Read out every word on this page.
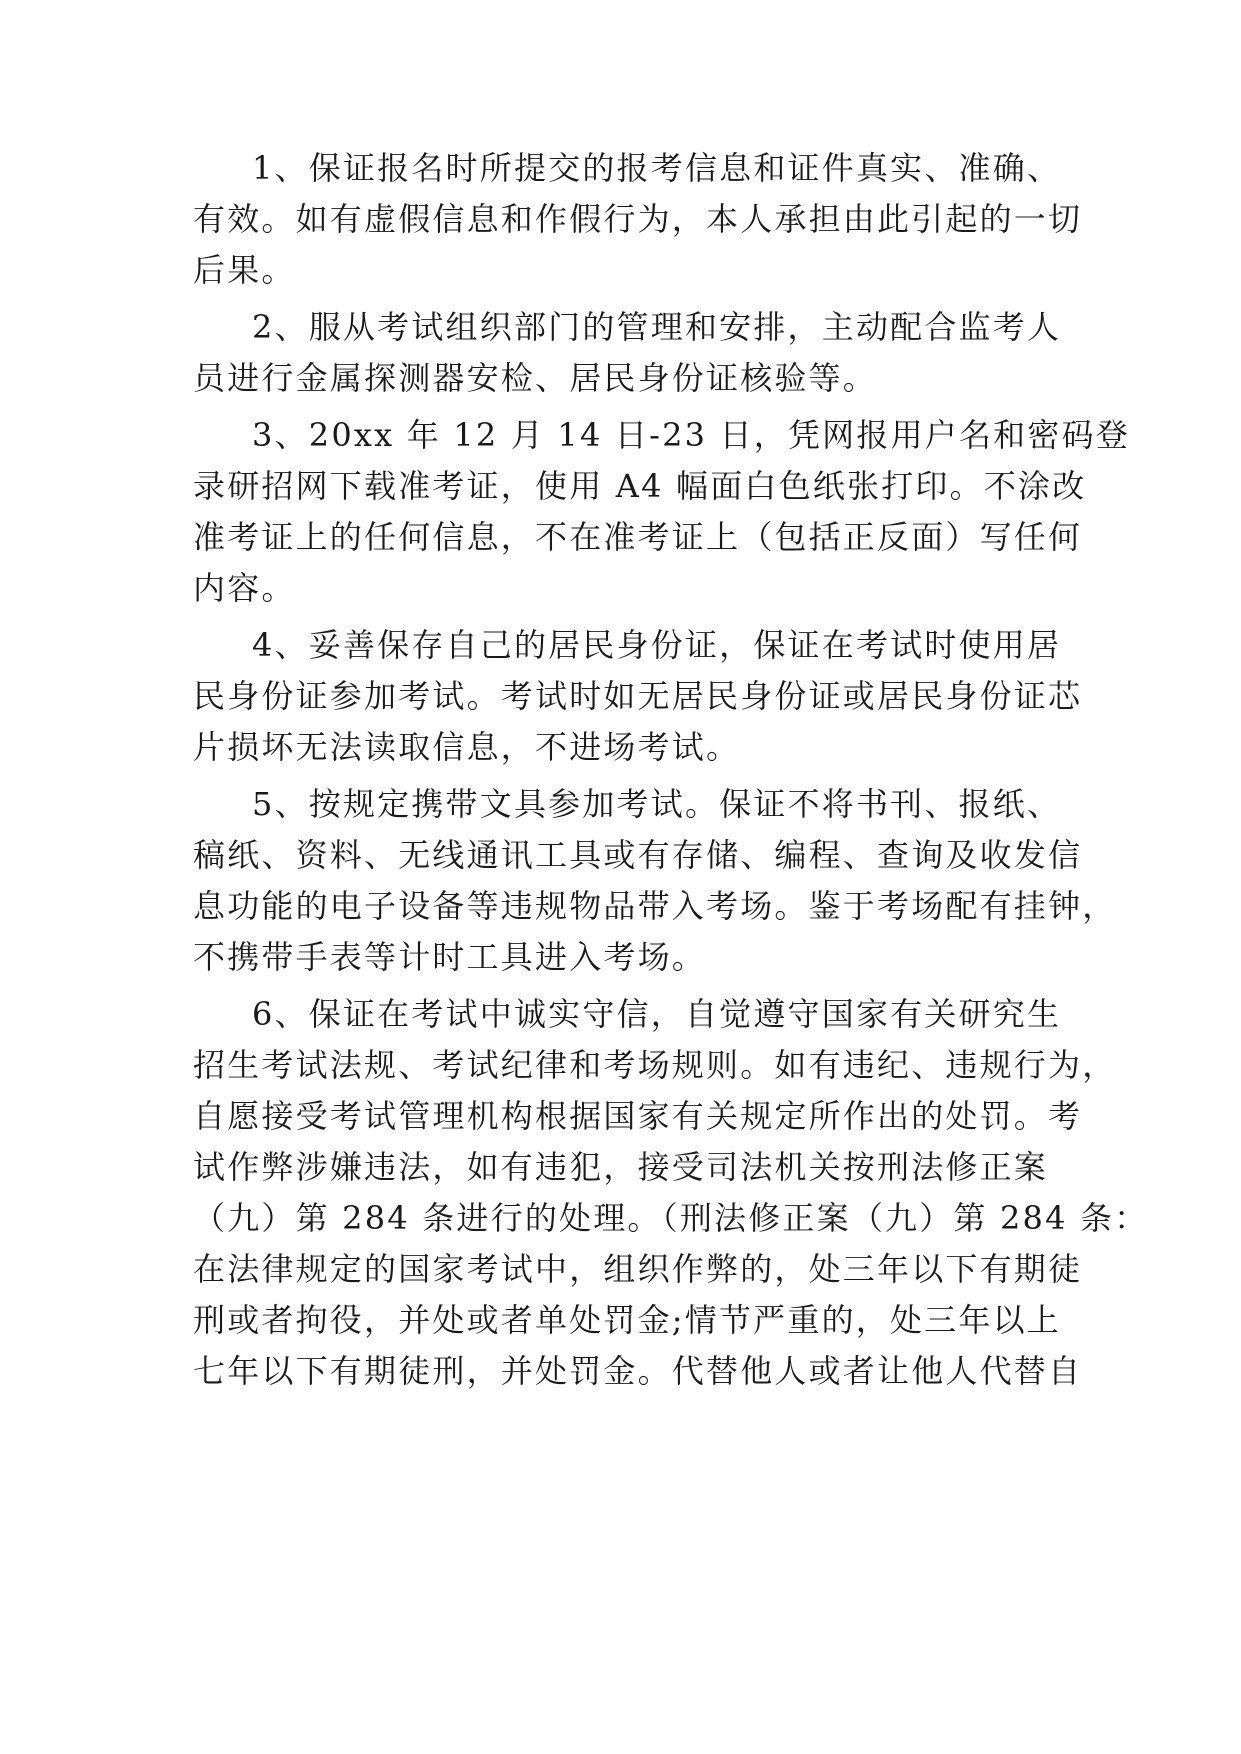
1、保证报名时所提交的报考信息和证件真实、准确、
有效。如有虚假信息和作假行为，本人承担由此引起的一切
后果。
2、服从考试组织部门的管理和安排，主动配合监考人
员进行金属探测器安检、居民身份证核验等。
3、20xx 年 12 月 14 日-23 日，凭网报用户名和密码登
录研招网下载准考证，使用 A4 幅面白色纸张打印。不涂改
准考证上的任何信息，不在准考证上（包括正反面）写任何
内容。
4、妥善保存自己的居民身份证，保证在考试时使用居
民身份证参加考试。考试时如无居民身份证或居民身份证芯
片损坏无法读取信息，不进场考试。
5、按规定携带文具参加考试。保证不将书刊、报纸、
稿纸、资料、无线通讯工具或有存储、编程、查询及收发信
息功能的电子设备等违规物品带入考场。鉴于考场配有挂钟，
不携带手表等计时工具进入考场。
6、保证在考试中诚实守信，自觉遵守国家有关研究生
招生考试法规、考试纪律和考场规则。如有违纪、违规行为，
自愿接受考试管理机构根据国家有关规定所作出的处罚。考
试作弊涉嫌违法，如有违犯，接受司法机关按刑法修正案
（九）第 284 条进行的处理。（刑法修正案（九）第 284 条：
在法律规定的国家考试中，组织作弊的，处三年以下有期徒
刑或者拘役，并处或者单处罚金;情节严重的，处三年以上
七年以下有期徒刑，并处罚金。代替他人或者让他人代替自
